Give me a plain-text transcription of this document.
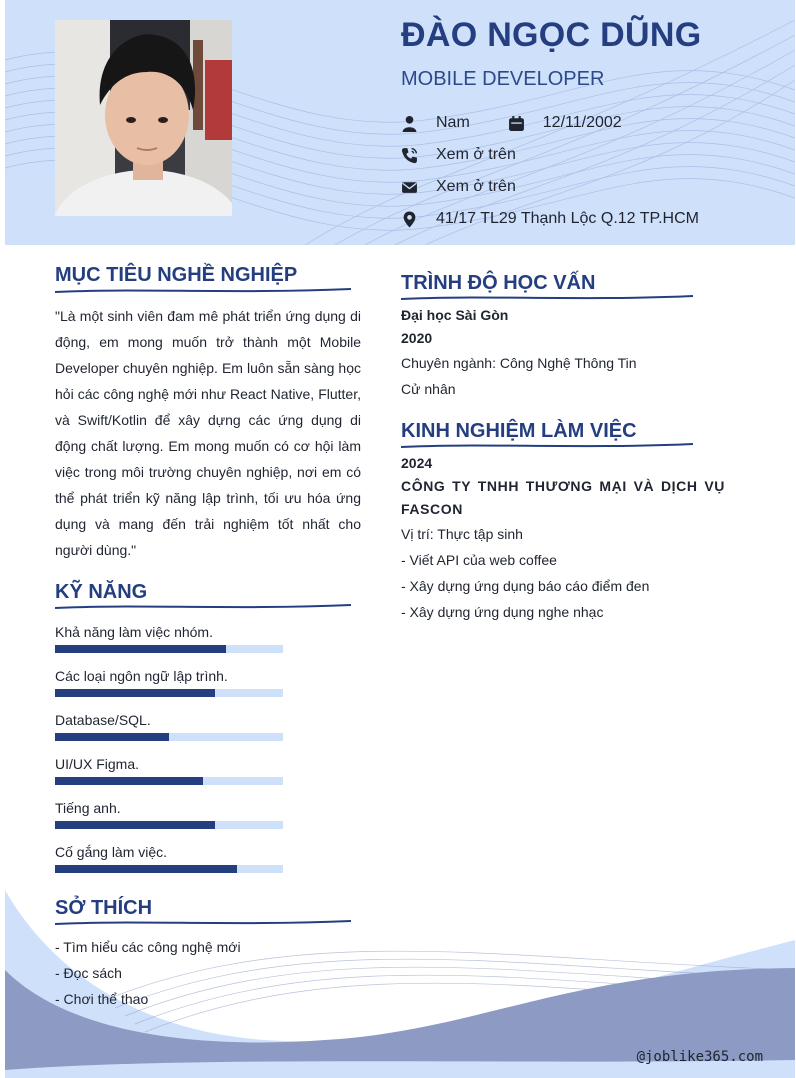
ĐÀO NGỌC DŨNG

MOBILE DEVELOPER

Nam	12/11/2002
Xem ở trên
Xem ở trên
41/17 TL29 Thạnh Lộc Q.12 TP.HCM
MỤC TIÊU NGHỀ NGHIỆP

"Là một sinh viên đam mê phát triển ứng dụng di động, em mong muốn trở thành một Mobile Developer chuyên nghiệp. Em luôn sẵn sàng học hỏi các công nghệ mới như React Native, Flutter, và Swift/Kotlin để xây dựng các ứng dụng di động chất lượng. Em mong muốn có cơ hội làm việc trong môi trường chuyên nghiệp, nơi em có thể phát triển kỹ năng lập trình, tối ưu hóa ứng dụng và mang đến trải nghiệm tốt nhất cho người dùng."

KỸ NĂNG
Khả năng làm việc nhóm.
Các loại ngôn ngữ lập trình.
Database/SQL.
UI/UX Figma.
Tiếng anh.
Cố gắng làm việc.
SỞ THÍCH

- Tìm hiểu các công nghệ mới

- Đọc sách

- Chơi thể thao

TRÌNH ĐỘ HỌC VẤN

Đại học Sài Gòn

2020

Chuyên ngành: Công Nghệ Thông Tin

Cử nhân

KINH NGHIỆM LÀM VIỆC

2024

CÔNG TY TNHH THƯƠNG MẠI VÀ DỊCH VỤ FASCON

Vị trí: Thực tập sinh

- Viết API của web coffee

- Xây dựng ứng dụng báo cáo điểm đen

- Xây dựng ứng dụng nghe nhạc

@joblike365.com
